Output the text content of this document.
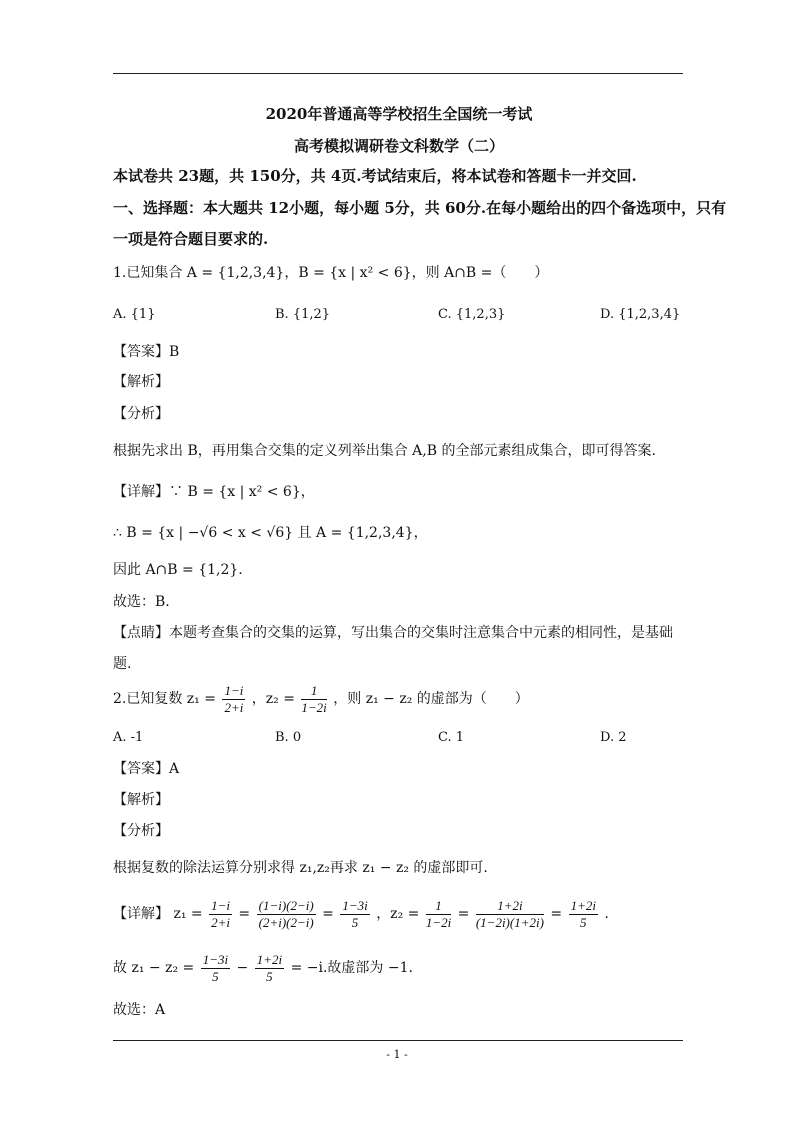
2020年普通高等学校招生全国统一考试
高考模拟调研卷文科数学（二）
本试卷共 23题，共 150分，共 4页.考试结束后，将本试卷和答题卡一并交回.
一、选择题：本大题共 12小题，每小题 5分，共 60分.在每小题给出的四个备选项中，只有
一项是符合题目要求的.
1.已知集合 A = {1,2,3,4}，B = {x | x² < 6}，则 A∩B =（　　）
A. {1}	B. {1,2}	C. {1,2,3}	D. {1,2,3,4}
【答案】B
【解析】
【分析】
根据先求出 B，再用集合交集的定义列举出集合 A,B 的全部元素组成集合，即可得答案.
【详解】∵ B = {x | x² < 6}，
∴ B = {x | −√6 < x < √6} 且 A = {1,2,3,4}，
因此 A∩B = {1,2}.
故选：B.
【点睛】本题考查集合的交集的运算，写出集合的交集时注意集合中元素的相同性，是基础
题.
2.已知复数 $z_1 = \frac{1-i}{2+i}$ ，$z_2 = \frac{1}{1-2i}$ ，则 z₁ − z₂ 的虚部为（　　）
A. -1	B. 0	C. 1	D. 2
【答案】A
【解析】
【分析】
根据复数的除法运算分别求得 z₁,z₂再求 z₁ − z₂ 的虚部即可.
【详解】 $z_1 = \frac{1-i}{2+i} = \frac{(1-i)(2-i)}{(2+i)(2-i)} = \frac{1-3i}{5}$ ，$z_2 = \frac{1}{1-2i} = \frac{1+2i}{(1-2i)(1+2i)} = \frac{1+2i}{5}$ .
故 $z_1 - z_2 = \frac{1-3i}{5} - \frac{1+2i}{5} = -i$.故虚部为 −1.
故选：A
- 1 -
